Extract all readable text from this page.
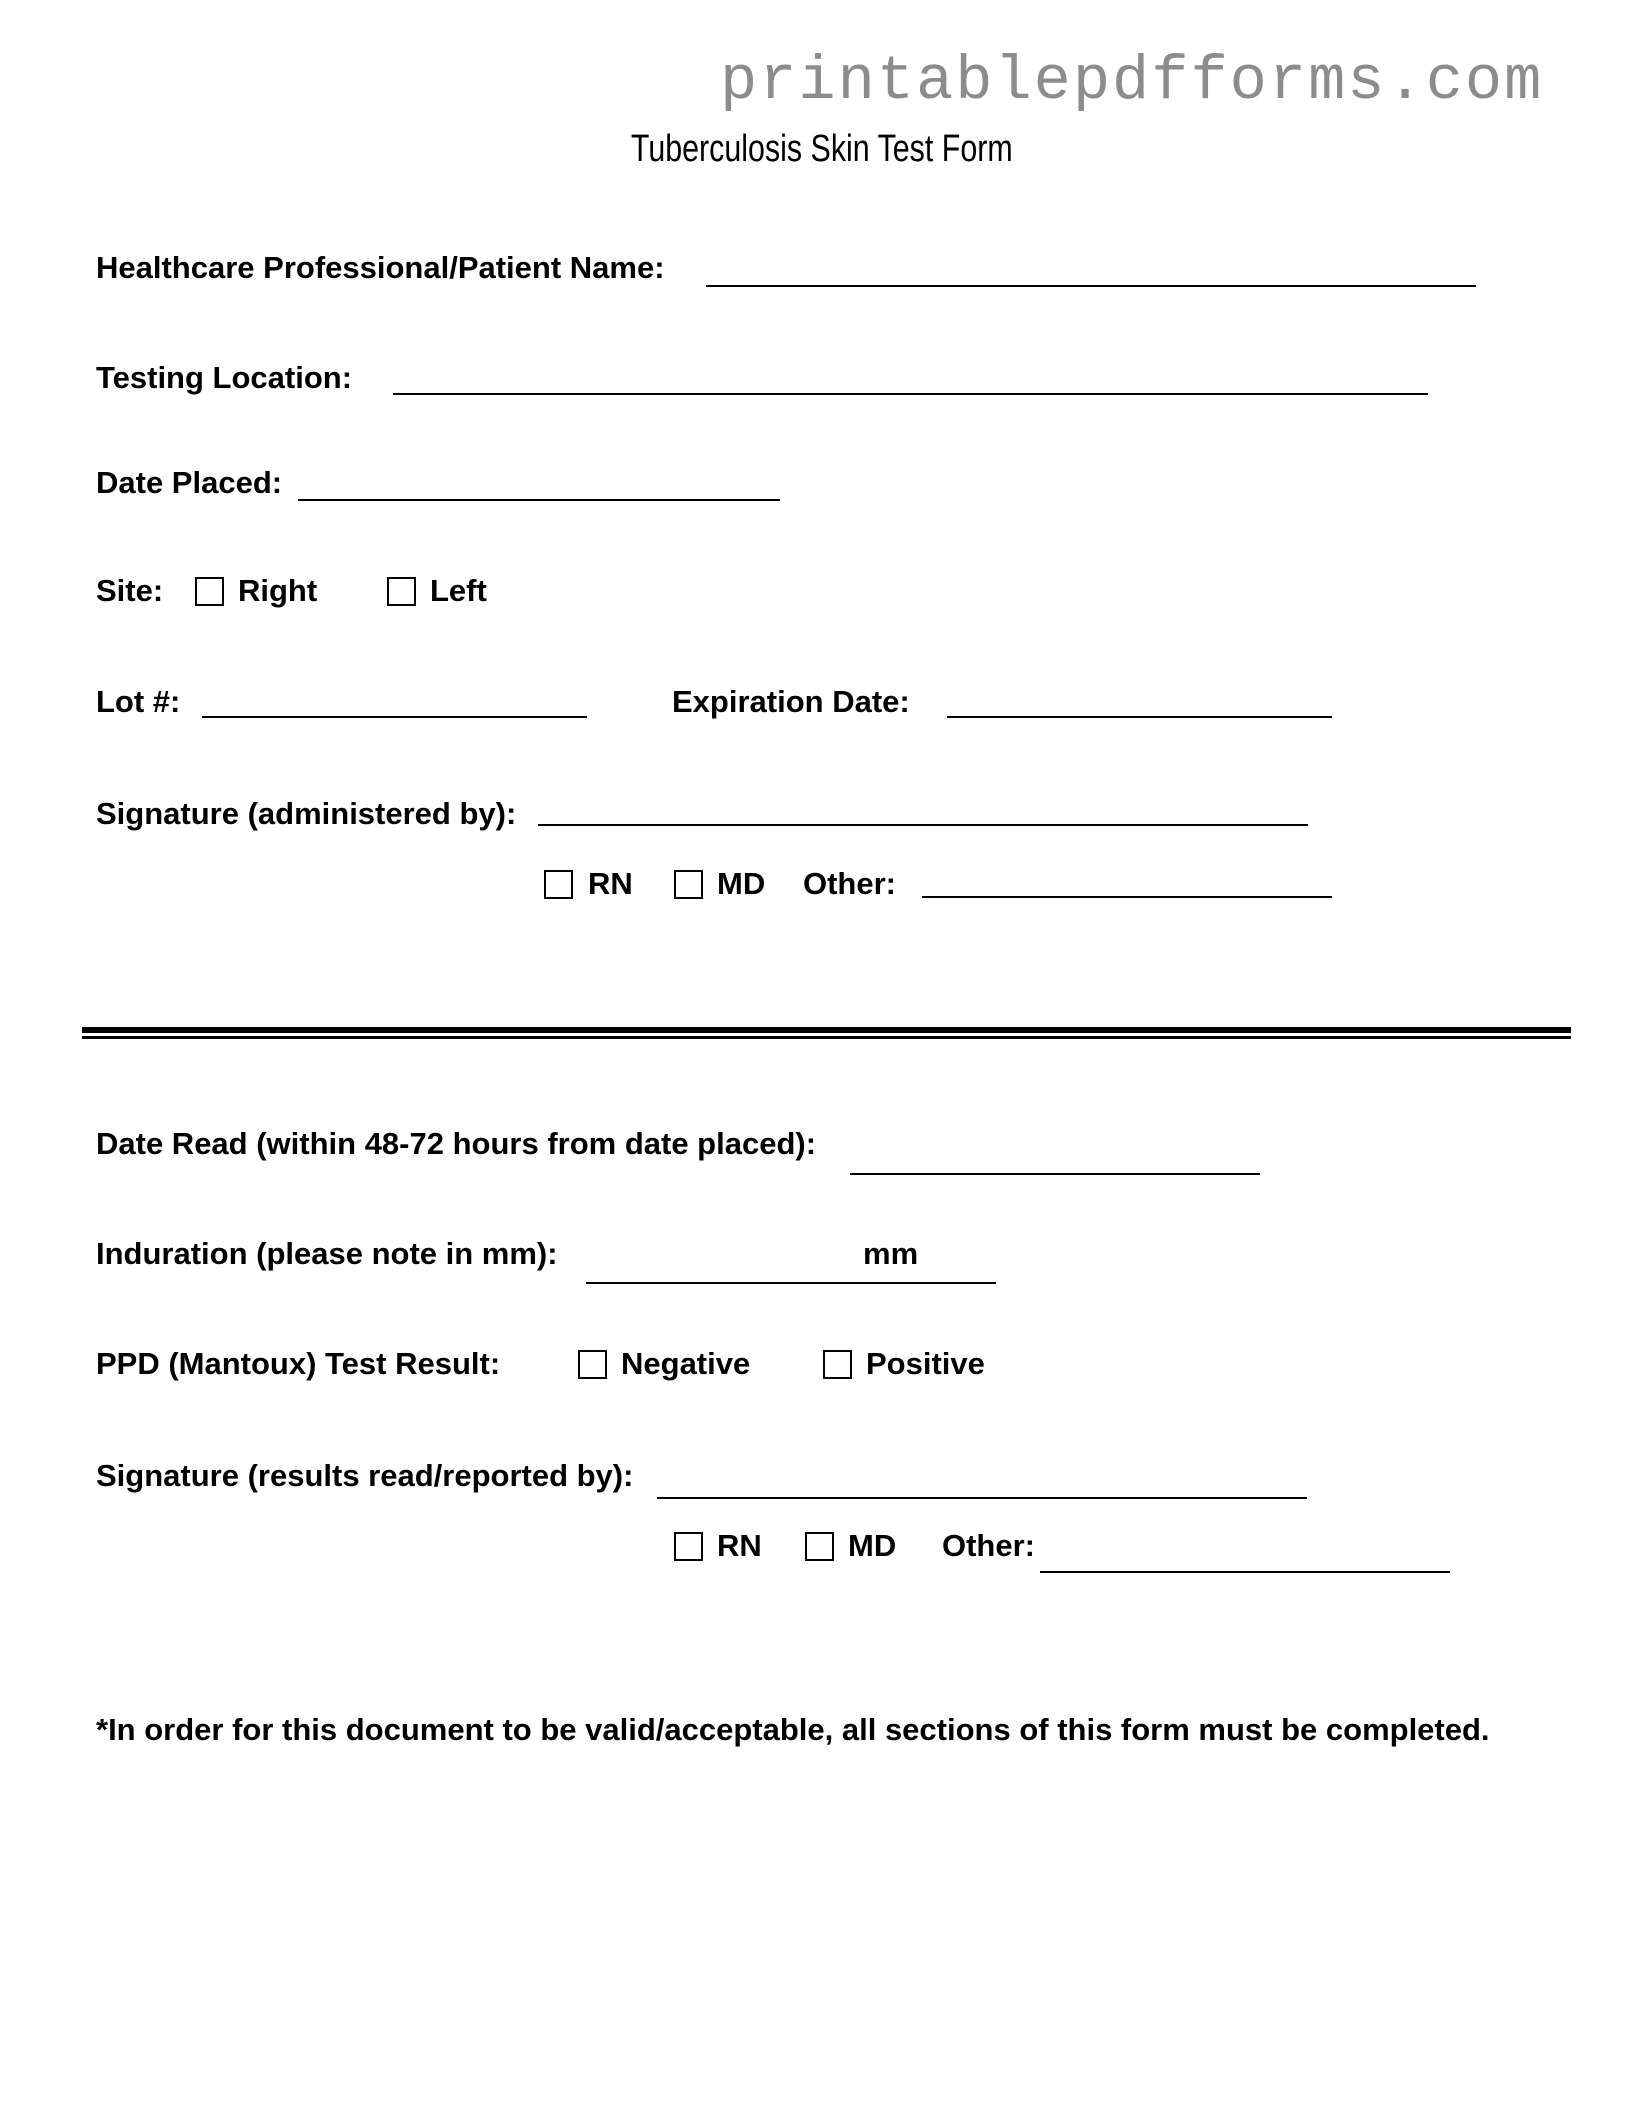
printablepdfforms.com
Tuberculosis Skin Test Form
Healthcare Professional/Patient Name:
Testing Location:
Date Placed:
Site: Right	Left
Lot #:	Expiration Date:
Signature (administered by):
RN	MD Other:
Date Read (within 48-72 hours from date placed):
Induration (please note in mm):	mm
PPD (Mantoux) Test Result:	Negative	Positive
Signature (results read/reported by):
RN	MD Other:
*In order for this document to be valid/acceptable, all sections of this form must be completed.
